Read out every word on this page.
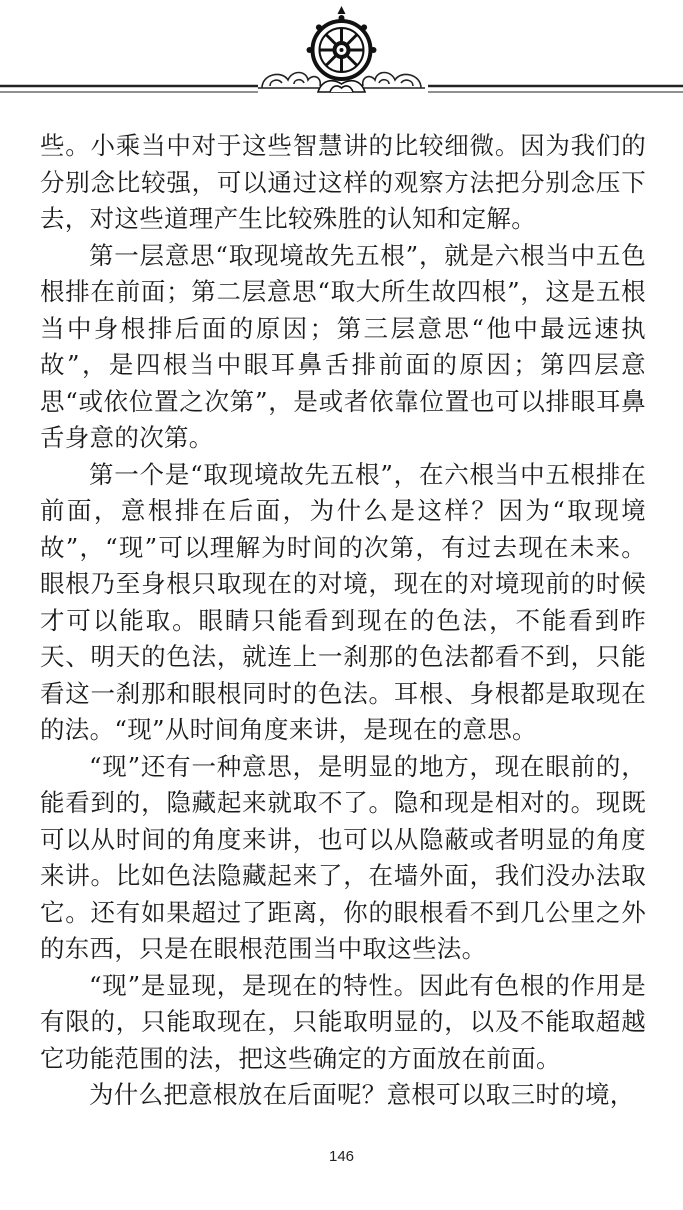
些。小乘当中对于这些智慧讲的比较细微。因为我们的分别念比较强，可以通过这样的观察方法把分别念压下去，对这些道理产生比较殊胜的认知和定解。

第一层意思“取现境故先五根”，就是六根当中五色根排在前面；第二层意思“取大所生故四根”，这是五根当中身根排后面的原因；第三层意思“他中最远速执故”，是四根当中眼耳鼻舌排前面的原因；第四层意思“或依位置之次第”，是或者依靠位置也可以排眼耳鼻舌身意的次第。

第一个是“取现境故先五根”，在六根当中五根排在前面，意根排在后面，为什么是这样？因为“取现境故”，“现”可以理解为时间的次第，有过去现在未来。眼根乃至身根只取现在的对境，现在的对境现前的时候才可以能取。眼睛只能看到现在的色法，不能看到昨天、明天的色法，就连上一刹那的色法都看不到，只能看这一刹那和眼根同时的色法。耳根、身根都是取现在的法。“现”从时间角度来讲，是现在的意思。

“现”还有一种意思，是明显的地方，现在眼前的，能看到的，隐藏起来就取不了。隐和现是相对的。现既可以从时间的角度来讲，也可以从隐蔽或者明显的角度来讲。比如色法隐藏起来了，在墙外面，我们没办法取它。还有如果超过了距离，你的眼根看不到几公里之外的东西，只是在眼根范围当中取这些法。

“现”是显现，是现在的特性。因此有色根的作用是有限的，只能取现在，只能取明显的，以及不能取超越它功能范围的法，把这些确定的方面放在前面。

为什么把意根放在后面呢？意根可以取三时的境，

146
